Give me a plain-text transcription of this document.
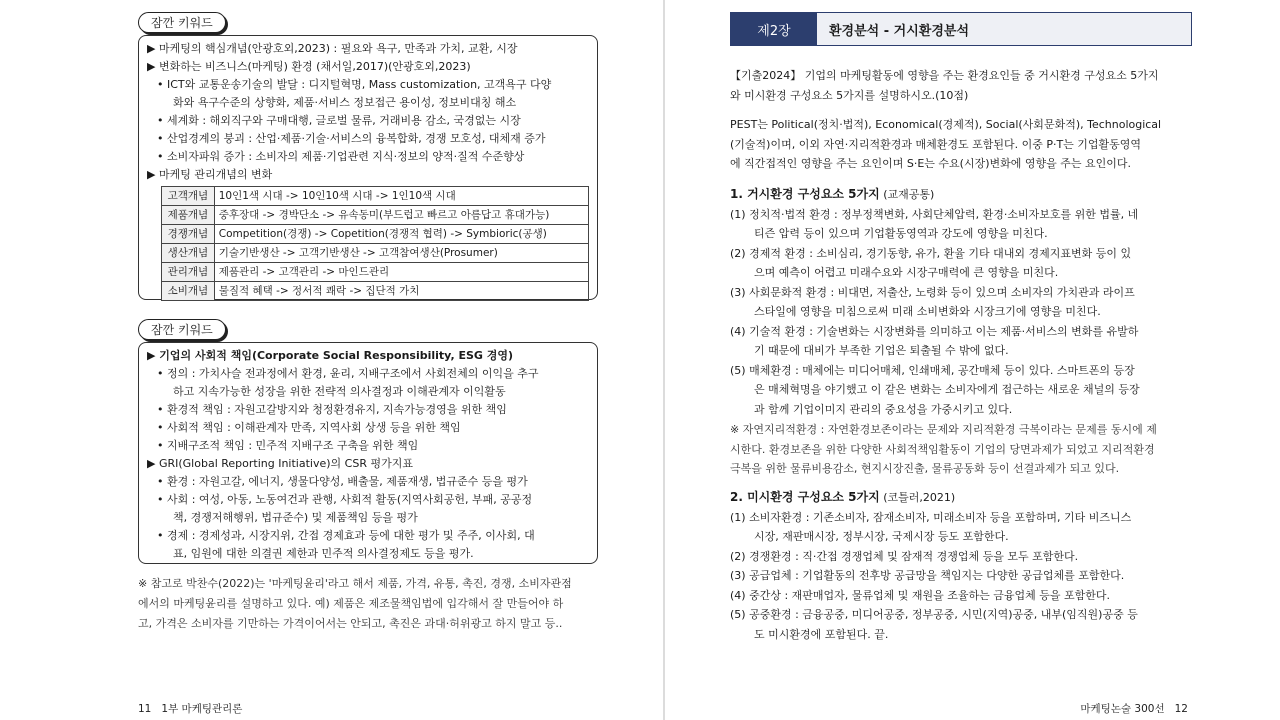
잠깐 키워드
▶ 마케팅의 핵심개념(안광호외,2023) : 필요와 욕구, 만족과 가치, 교환, 시장
▶ 변화하는 비즈니스(마케팅) 환경 (채서일,2017)(안광호외,2023)
• ICT와 교통운송기술의 발달 : 디지털혁명, Mass customization, 고객욕구 다양
화와 욕구수준의 상향화, 제품·서비스 정보접근 용이성, 정보비대칭 해소
• 세계화 : 해외직구와 구매대행, 글로벌 물류, 거래비용 감소, 국경없는 시장
• 산업경계의 붕괴 : 산업·제품·기술·서비스의 융복합화, 경쟁 모호성, 대체재 증가
• 소비자파워 증가 : 소비자의 제품·기업관련 지식·정보의 양적·질적 수준향상
▶ 마케팅 관리개념의 변화
고객개념	10인1색 시대 -> 10인10색 시대 -> 1인10색 시대
제품개념	중후장대 -> 경박단소 -> 유속동미(부드럽고 빠르고 아름답고 휴대가능)
경쟁개념	Competition(경쟁) -> Copetition(경쟁적 협력) -> Symbioric(공생)
생산개념	기술기반생산 -> 고객기반생산 -> 고객참여생산(Prosumer)
관리개념	제품관리 -> 고객관리 -> 마인드관리
소비개념	물질적 혜택 -> 정서적 쾌락 -> 집단적 가치
잠깐 키워드
▶ 기업의 사회적 책임(Corporate Social Responsibility, ESG 경영)
• 정의 : 가치사슬 전과정에서 환경, 윤리, 지배구조에서 사회전체의 이익을 추구
하고 지속가능한 성장을 위한 전략적 의사결정과 이해관계자 이익활동
• 환경적 책임 : 자원고갈방지와 청정환경유지, 지속가능경영을 위한 책임
• 사회적 책임 : 이해관계자 만족, 지역사회 상생 등을 위한 책임
• 지배구조적 책임 : 민주적 지배구조 구축을 위한 책임
▶ GRI(Global Reporting Initiative)의 CSR 평가지표
• 환경 : 자원고갈, 에너지, 생물다양성, 배출물, 제품재생, 법규준수 등을 평가
• 사회 : 여성, 아동, 노동여건과 관행, 사회적 활동(지역사회공헌, 부패, 공공정
책, 경쟁저해행위, 법규준수) 및 제품책임 등을 평가
• 경제 : 경제성과, 시장지위, 간접 경제효과 등에 대한 평가 및 주주, 이사회, 대
표, 임원에 대한 의결권 제한과 민주적 의사결정제도 등을 평가.
※ 참고로 박찬수(2022)는 '마케팅윤리'라고 해서 제품, 가격, 유통, 촉진, 경쟁, 소비자관점
에서의 마케팅윤리를 설명하고 있다. 예) 제품은 제조물책임법에 입각해서 잘 만들어야 하
고, 가격은 소비자를 기만하는 가격이어서는 안되고, 촉진은 과대·허위광고 하지 말고 등..
11 1부 마케팅관리론
제2장	환경분석 - 거시환경분석
【기출2024】 기업의 마케팅활동에 영향을 주는 환경요인들 중 거시환경 구성요소 5가지
와 미시환경 구성요소 5가지를 설명하시오.(10점)
PEST는 Political(정치·법적), Economical(경제적), Social(사회문화적), Technological
(기술적)이며, 이외 자연·지리적환경과 매체환경도 포함된다. 이중 P·T는 기업활동영역
에 직간접적인 영향을 주는 요인이며 S·E는 수요(시장)변화에 영향을 주는 요인이다.
1. 거시환경 구성요소 5가지 (교재공통)
(1) 정치적·법적 환경 : 정부정책변화, 사회단체압력, 환경·소비자보호를 위한 법률, 네
티즌 압력 등이 있으며 기업활동영역과 강도에 영향을 미친다.
(2) 경제적 환경 : 소비심리, 경기동향, 유가, 환율 기타 대내외 경제지표변화 등이 있
으며 예측이 어렵고 미래수요와 시장구매력에 큰 영향을 미친다.
(3) 사회문화적 환경 : 비대면, 저출산, 노령화 등이 있으며 소비자의 가치관과 라이프
스타일에 영향을 미침으로써 미래 소비변화와 시장크기에 영향을 미친다.
(4) 기술적 환경 : 기술변화는 시장변화를 의미하고 이는 제품·서비스의 변화를 유발하
기 때문에 대비가 부족한 기업은 퇴출될 수 밖에 없다.
(5) 매체환경 : 매체에는 미디어매체, 인쇄매체, 공간매체 등이 있다. 스마트폰의 등장
은 매체혁명을 야기했고 이 같은 변화는 소비자에게 접근하는 새로운 채널의 등장
과 함께 기업이미지 관리의 중요성을 가중시키고 있다.
※ 자연지리적환경 : 자연환경보존이라는 문제와 지리적환경 극복이라는 문제를 동시에 제
시한다. 환경보존을 위한 다양한 사회적책임활동이 기업의 당면과제가 되었고 지리적환경
극복을 위한 물류비용감소, 현지시장진출, 물류공동화 등이 선결과제가 되고 있다.
2. 미시환경 구성요소 5가지 (코틀러,2021)
(1) 소비자환경 : 기존소비자, 잠재소비자, 미래소비자 등을 포함하며, 기타 비즈니스
시장, 재판매시장, 정부시장, 국제시장 등도 포함한다.
(2) 경쟁환경 : 직·간접 경쟁업체 및 잠재적 경쟁업체 등을 모두 포함한다.
(3) 공급업체 : 기업활동의 전후방 공급망을 책임지는 다양한 공급업체를 포함한다.
(4) 중간상 : 재판매업자, 물류업체 및 재원을 조율하는 금융업체 등을 포함한다.
(5) 공중환경 : 금융공중, 미디어공중, 정부공중, 시민(지역)공중, 내부(임직원)공중 등
도 미시환경에 포함된다. 끝.
마케팅논술 300선 12
